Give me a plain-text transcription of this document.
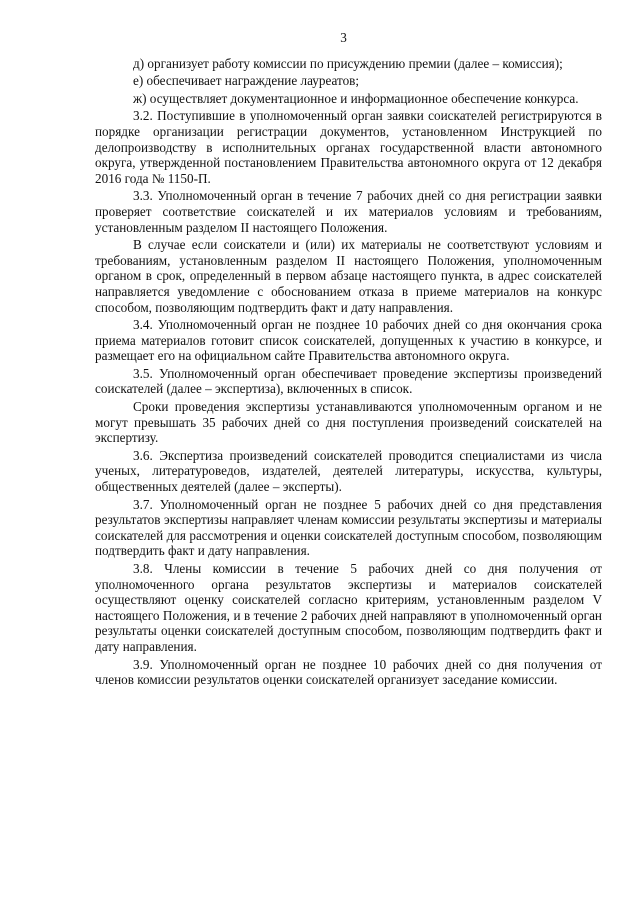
3

д) организует работу комиссии по присуждению премии (далее – комиссия);

е) обеспечивает награждение лауреатов;

ж) осуществляет документационное и информационное обеспечение конкурса.

3.2. Поступившие в уполномоченный орган заявки соискателей регистрируются в порядке организации регистрации документов, установленном Инструкцией по делопроизводству в исполнительных органах государственной власти автономного округа, утвержденной постановлением Правительства автономного округа от 12 декабря 2016 года № 1150-П.

3.3. Уполномоченный орган в течение 7 рабочих дней со дня регистрации заявки проверяет соответствие соискателей и их материалов условиям и требованиям, установленным разделом II настоящего Положения.

В случае если соискатели и (или) их материалы не соответствуют условиям и требованиям, установленным разделом II настоящего Положения, уполномоченным органом в срок, определенный в первом абзаце настоящего пункта, в адрес соискателей направляется уведомление с обоснованием отказа в приеме материалов на конкурс способом, позволяющим подтвердить факт и дату направления.

3.4. Уполномоченный орган не позднее 10 рабочих дней со дня окончания срока приема материалов готовит список соискателей, допущенных к участию в конкурсе, и размещает его на официальном сайте Правительства автономного округа.

3.5. Уполномоченный орган обеспечивает проведение экспертизы произведений соискателей (далее – экспертиза), включенных в список.

Сроки проведения экспертизы устанавливаются уполномоченным органом и не могут превышать 35 рабочих дней со дня поступления произведений соискателей на экспертизу.

3.6. Экспертиза произведений соискателей проводится специалистами из числа ученых, литературоведов, издателей, деятелей литературы, искусства, культуры, общественных деятелей (далее – эксперты).

3.7. Уполномоченный орган не позднее 5 рабочих дней со дня представления результатов экспертизы направляет членам комиссии результаты экспертизы и материалы соискателей для рассмотрения и оценки соискателей доступным способом, позволяющим подтвердить факт и дату направления.

3.8. Члены комиссии в течение 5 рабочих дней со дня получения от уполномоченного органа результатов экспертизы и материалов соискателей осуществляют оценку соискателей согласно критериям, установленным разделом V настоящего Положения, и в течение 2 рабочих дней направляют в уполномоченный орган результаты оценки соискателей доступным способом, позволяющим подтвердить факт и дату направления.

3.9. Уполномоченный орган не позднее 10 рабочих дней со дня получения от членов комиссии результатов оценки соискателей организует заседание комиссии.
